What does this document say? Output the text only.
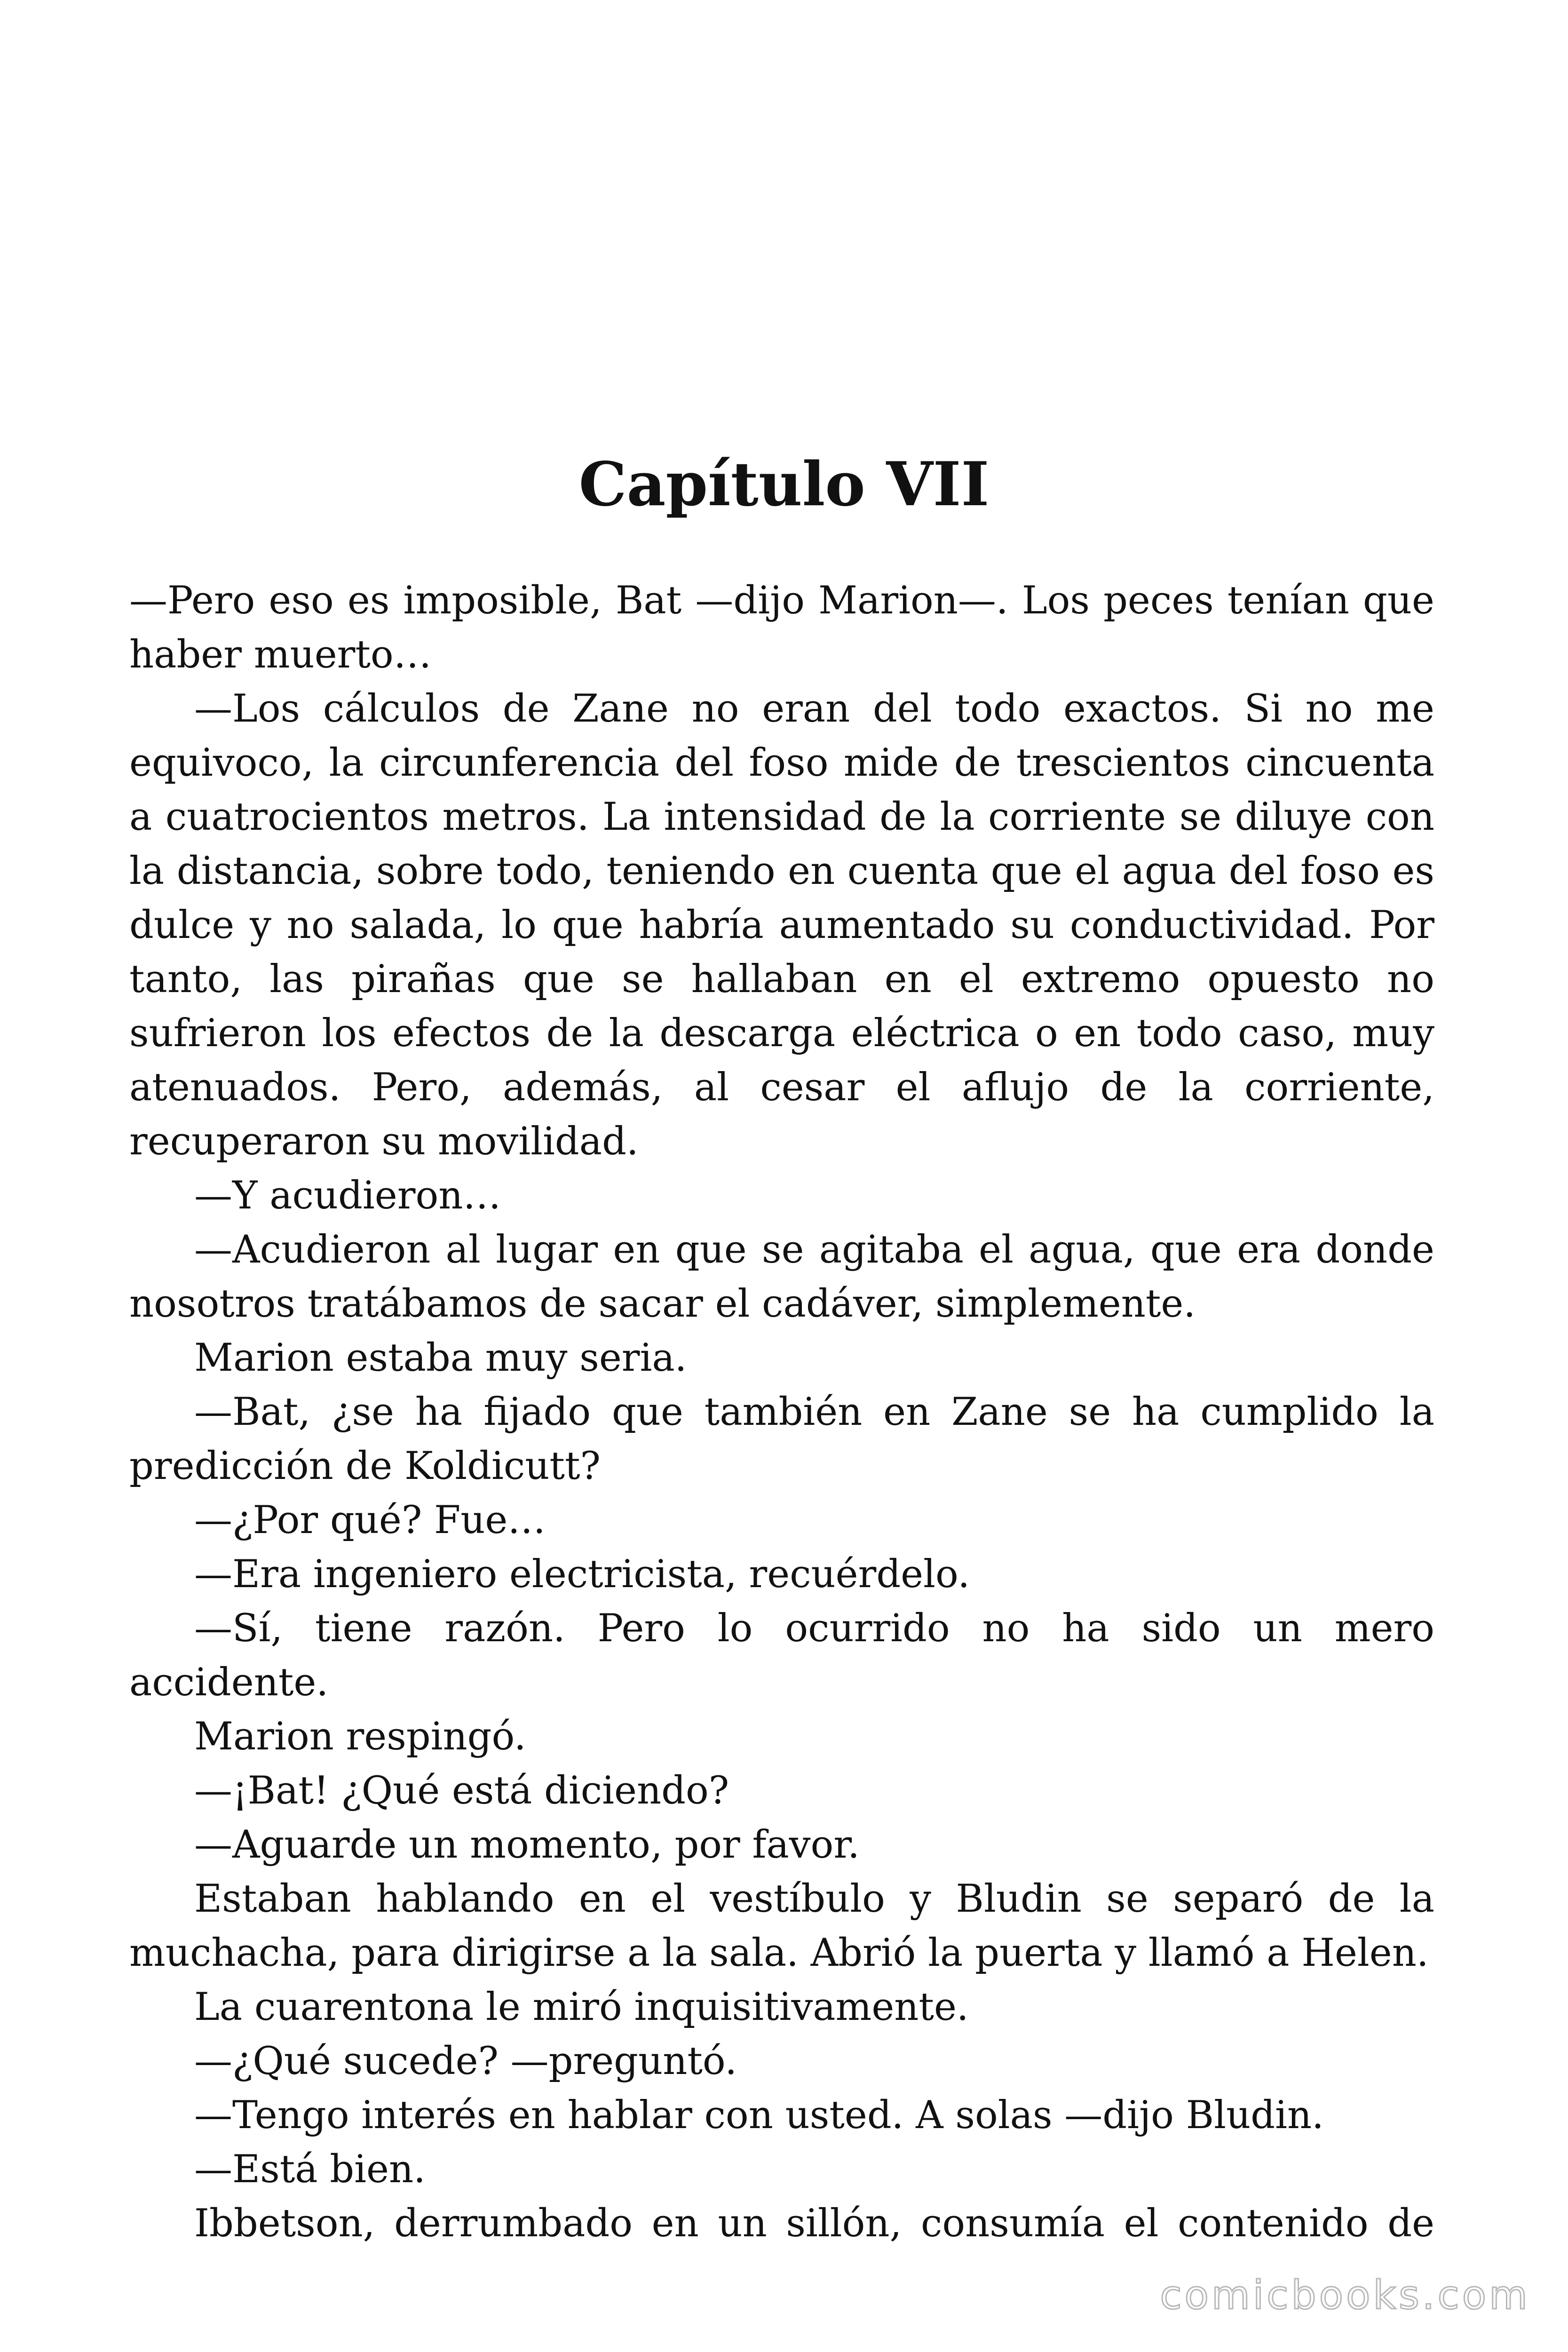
Capítulo VII

—Pero eso es imposible, Bat —dijo Marion—. Los peces tenían que haber muerto…

—Los cálculos de Zane no eran del todo exactos. Si no me equivoco, la circunferencia del foso mide de trescientos cincuenta a cuatrocientos metros. La intensidad de la corriente se diluye con la distancia, sobre todo, teniendo en cuenta que el agua del foso es dulce y no salada, lo que habría aumentado su conductividad. Por tanto, las pirañas que se hallaban en el extremo opuesto no sufrieron los efectos de la descarga eléctrica o en todo caso, muy atenuados. Pero, además, al cesar el aflujo de la corriente, recuperaron su movilidad.

—Y acudieron…

—Acudieron al lugar en que se agitaba el agua, que era donde nosotros tratábamos de sacar el cadáver, simplemente.

Marion estaba muy seria.

—Bat, ¿se ha fijado que también en Zane se ha cumplido la predicción de Koldicutt?

—¿Por qué? Fue…

—Era ingeniero electricista, recuérdelo.

—Sí, tiene razón. Pero lo ocurrido no ha sido un mero accidente.

Marion respingó.

—¡Bat! ¿Qué está diciendo?

—Aguarde un momento, por favor.

Estaban hablando en el vestíbulo y Bludin se separó de la muchacha, para dirigirse a la sala. Abrió la puerta y llamó a Helen.

La cuarentona le miró inquisitivamente.

—¿Qué sucede? —preguntó.

—Tengo interés en hablar con usted. A solas —dijo Bludin.

—Está bien.

Ibbetson, derrumbado en un sillón, consumía el contenido de

comicbooks.com
